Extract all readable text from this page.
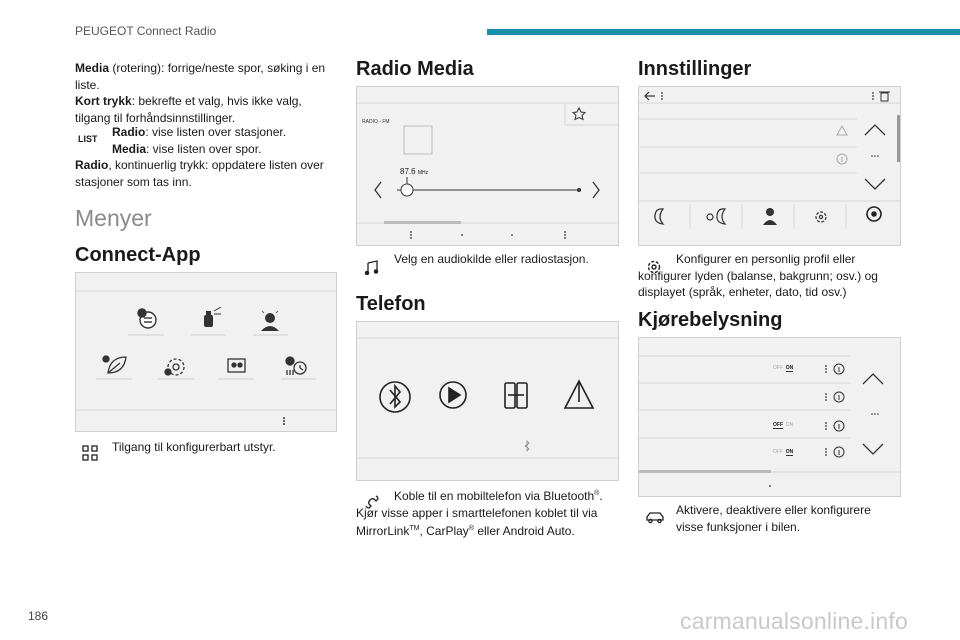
PEUGEOT Connect Radio
Media (rotering): forrige/neste spor, søking i en liste.
Kort trykk: bekrefte et valg, hvis ikke valg, tilgang til forhåndsinnstillinger.
LIST Radio: vise listen over stasjoner.
Media: vise listen over spor.
Radio, kontinuerlig trykk: oppdatere listen over stasjoner som tas inn.
Menyer
Connect-App
Tilgang til konfigurerbart utstyr.
Radio Media
RADIO - FM
87.6 MHz
Velg en audiokilde eller radiostasjon.
Telefon
Koble til en mobiltelefon via Bluetooth®. Kjør visse apper i smarttelefonen koblet til via MirrorLink™, CarPlay® eller Android Auto.
Innstillinger
Konfigurer en personlig profil eller konfigurer lyden (balanse, bakgrunn; osv.) og displayet (språk, enheter, dato, tid osv.)
Kjørebelysning
OFF ON
OFF ON
OFF ON
Aktivere, deaktivere eller konfigurere visse funksjoner i bilen.
186	carmanualsonline.info
